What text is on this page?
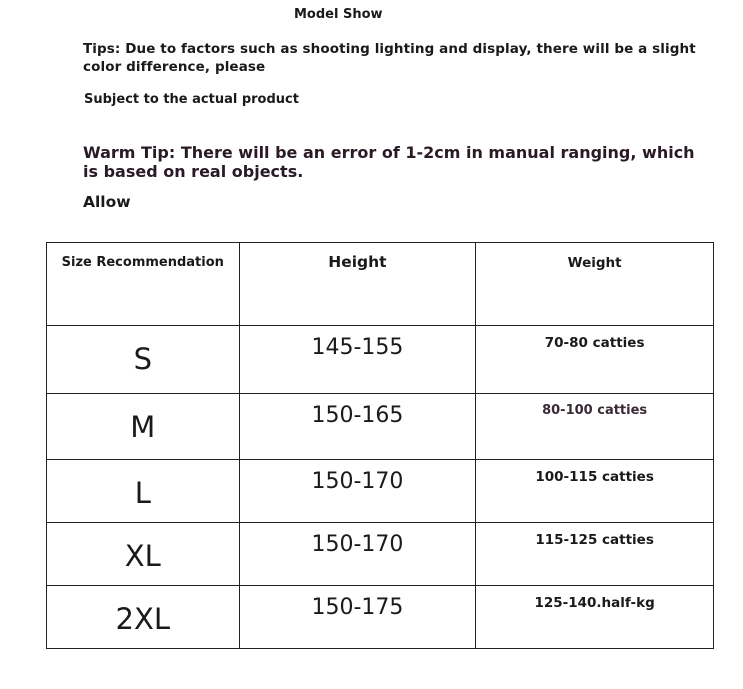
Model Show
Tips: Due to factors such as shooting lighting and display, there will be a slight color difference, please
Subject to the actual product
Warm Tip: There will be an error of 1-2cm in manual ranging, which is based on real objects.
Allow
Size Recommendation	Height	Weight

S	145-155	70-80 catties

M	150-165	80-100 catties

L	150-170	100-115 catties

XL	150-170	115-125 catties

2XL	150-175	125-140.half-kg
